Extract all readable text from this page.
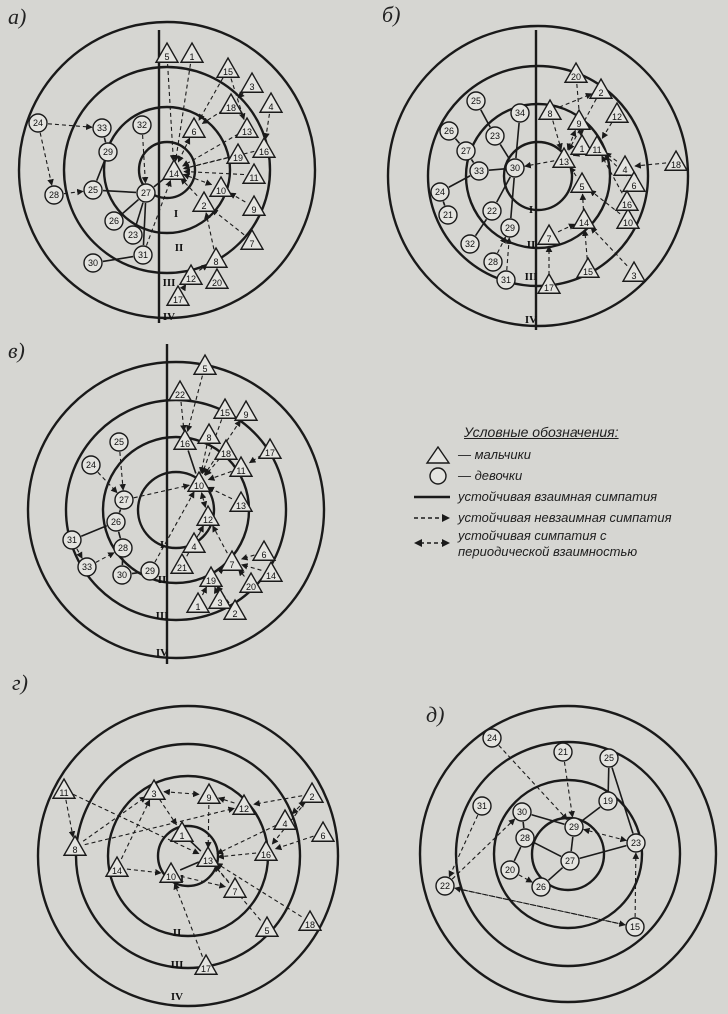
а)	б)
в)
г)
д)
I
II
III
IV
5 1
15
3
4
18
6	13
16
19
11
14
10
2	9
7
8
12 20
17
24	33	32
29
25	27
28
26
23
31
30
I
II
III
IV
20
2
8	12
9
1 11
13	18
4
6
5
14	10
7
16
15	3
17
25
34
26	23
27
33	30
24
21	22
29
32
28
31
I
II
III
IV
5
22
15 9
8
16
18	17
10
11
13
12
4
21	7
6
14
19
20
3
2
1
25
24
27
26
28
31
33
30 29
I
II
III
IV
11	3	9
12
2
4
6
8
1
14
13
16
10
7
18
5
17
24
21
25
31	19
30
29
28	23
27
20
26
22
15
Условные обозначения:
— мальчики
— девочки
устойчивая взаимная симпатия
устойчивая невзаимная симпатия
устойчивая симпатия с
периодической взаимностью
